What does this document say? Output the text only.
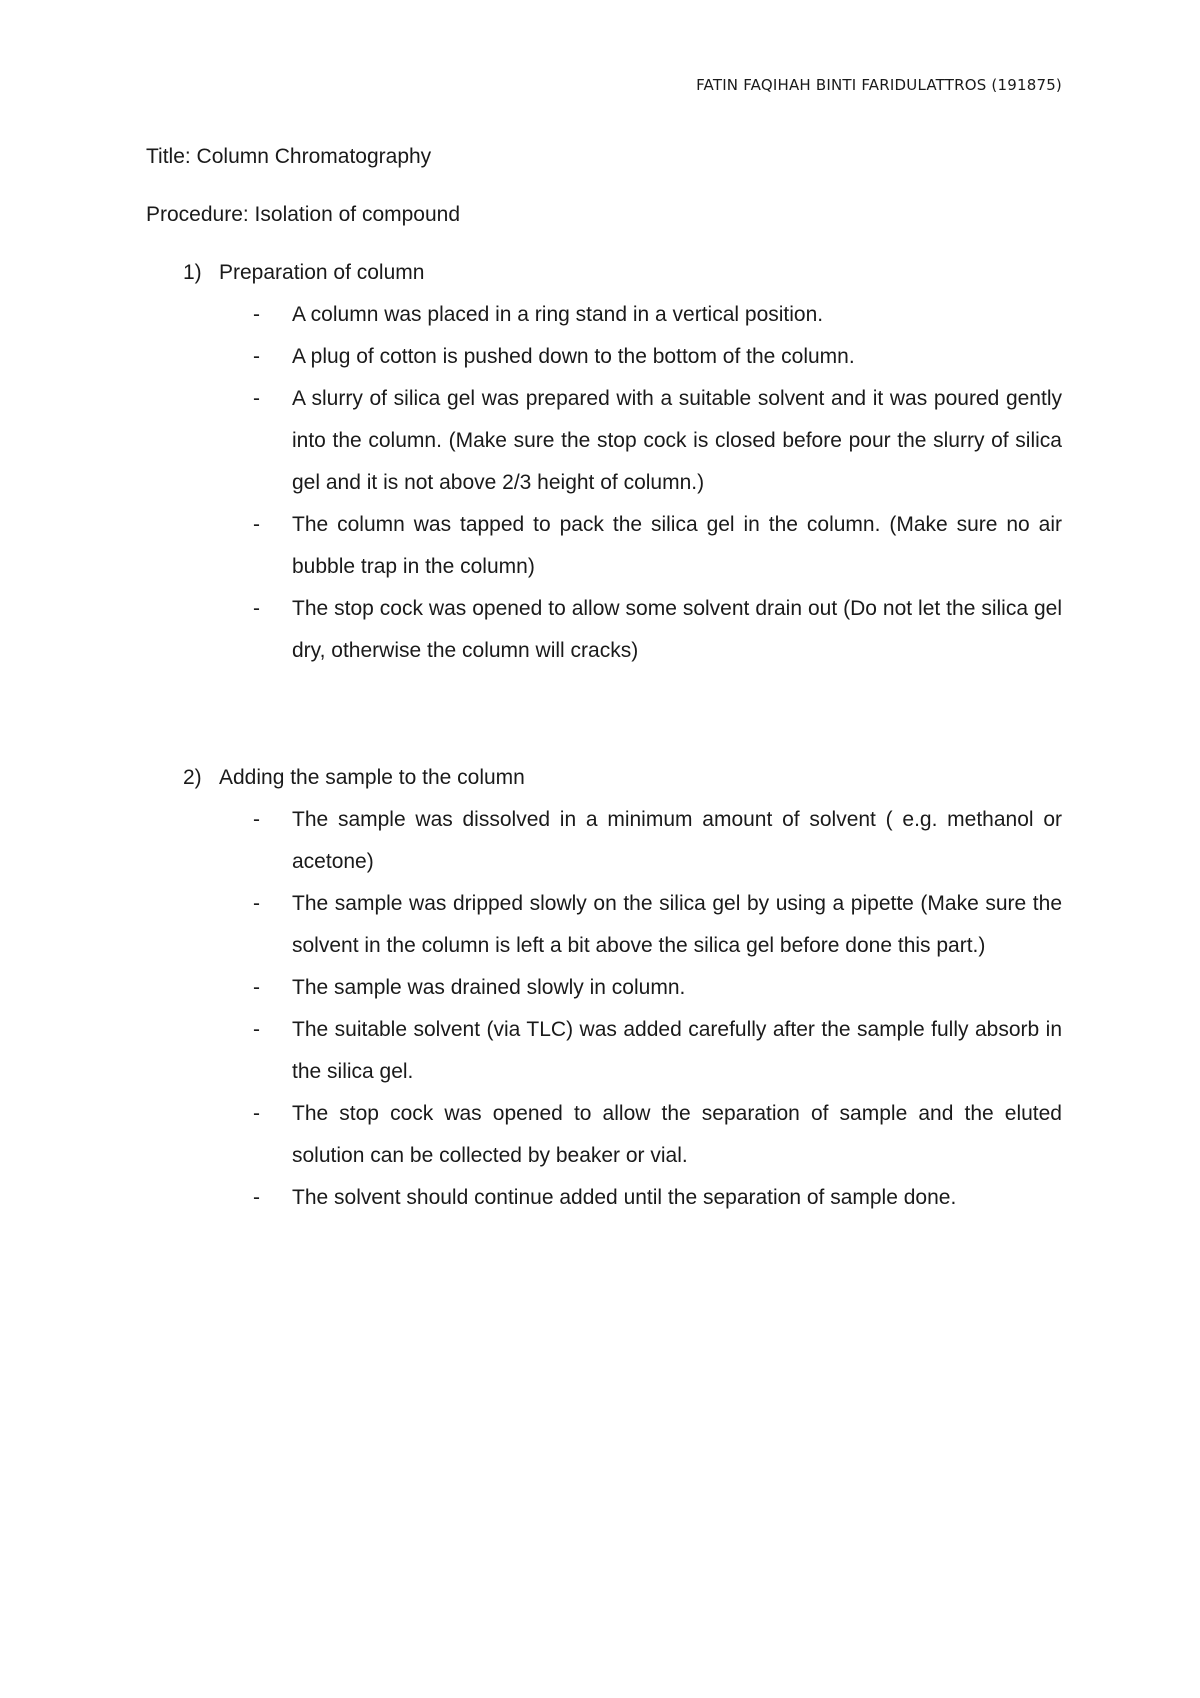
FATIN FAQIHAH BINTI FARIDULATTROS (191875)
Title: Column Chromatography
Procedure: Isolation of compound
1) Preparation of column
-	A column was placed in a ring stand in a vertical position.
-	A plug of cotton is pushed down to the bottom of the column.
-	A slurry of silica gel was prepared with a suitable solvent and it was poured gently into the column. (Make sure the stop cock is closed before pour the slurry of silica gel and it is not above 2/3 height of column.)
-	The column was tapped to pack the silica gel in the column. (Make sure no air bubble trap in the column)
-	The stop cock was opened to allow some solvent drain out (Do not let the silica gel dry, otherwise the column will cracks)
2) Adding the sample to the column
-	The sample was dissolved in a minimum amount of solvent ( e.g. methanol or acetone)
-	The sample was dripped slowly on the silica gel by using a pipette (Make sure the solvent in the column is left a bit above the silica gel before done this part.)
-	The sample was drained slowly in column.
-	The suitable solvent (via TLC) was added carefully after the sample fully absorb in the silica gel.
-	The stop cock was opened to allow the separation of sample and the eluted solution can be collected by beaker or vial.
-	The solvent should continue added until the separation of sample done.
